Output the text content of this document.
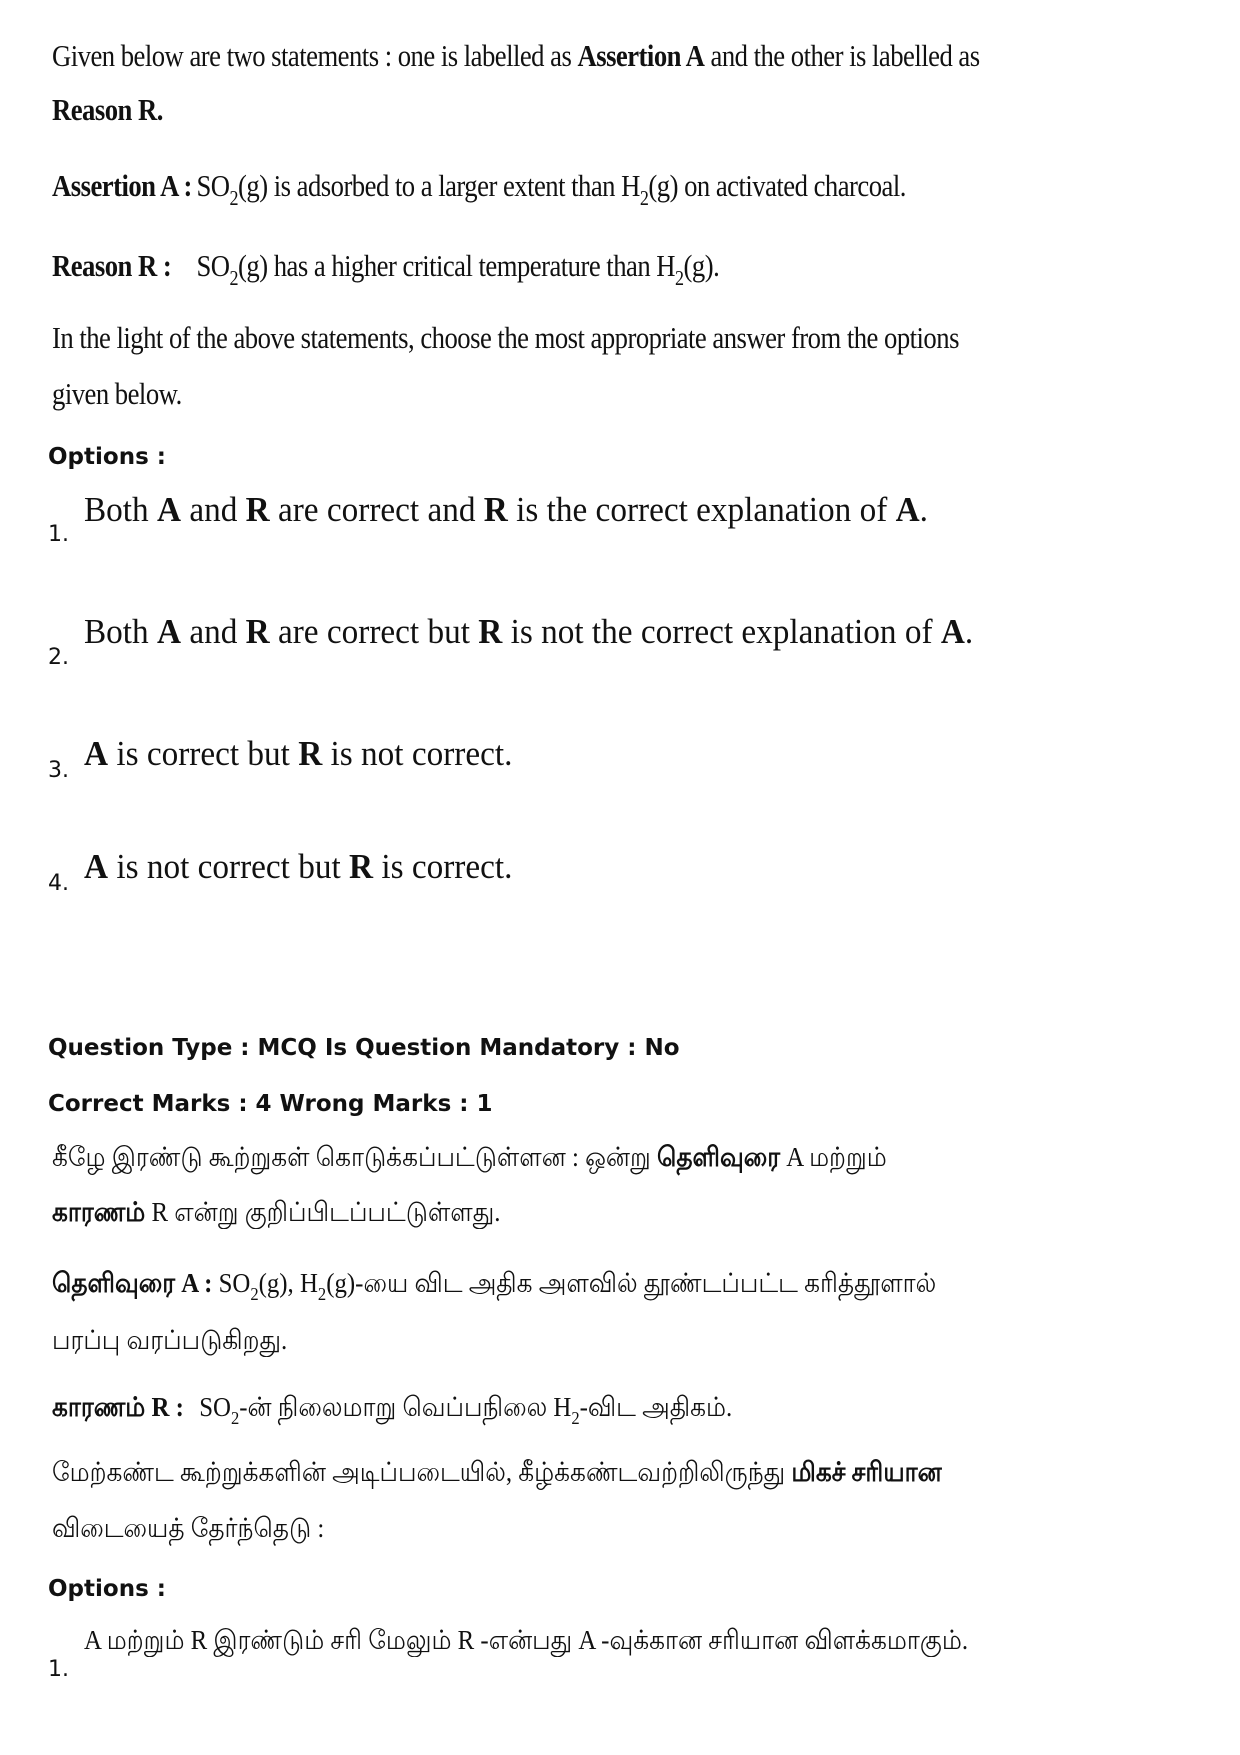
Given below are two statements : one is labelled as Assertion A and the other is labelled as
Reason R.
Assertion A : $SO_2(g)$ is adsorbed to a larger extent than $H_2(g)$ on activated charcoal.
Reason R : $SO_2(g)$ has a higher critical temperature than $H_2(g)$.
In the light of the above statements, choose the most appropriate answer from the options
given below.
Options :
1.
Both A and R are correct and R is the correct explanation of A.
2.
Both A and R are correct but R is not the correct explanation of A.
3. A is correct but R is not correct.
4. A is not correct but R is correct.
Question Type : MCQ Is Question Mandatory : No
Correct Marks : 4 Wrong Marks : 1
கீழே இரண்டு கூற்றுகள் கொடுக்கப்பட்டுள்ளன : ஒன்று தெளிவுரை A மற்றும்
காரணம் R என்று குறிப்பிடப்பட்டுள்ளது.
தெளிவுரை A : $SO_2(g)$, $H_2(g)-யை$ விட அதிக அளவில் தூண்டப்பட்ட கரித்தூளால்
பரப்பு வரப்படுகிறது.
காரணம் R : $SO_2-ன்$ நிலைமாறு வெப்பநிலை $H_2-விட$ அதிகம்.
மேற்கண்ட கூற்றுக்களின் அடிப்படையில், கீழ்க்கண்டவற்றிலிருந்து மிகச் சரியான
விடையைத் தேர்ந்தெடு :
Options :
1.
A மற்றும் R இரண்டும் சரி மேலும் R -என்பது A -வுக்கான சரியான விளக்கமாகும்.
